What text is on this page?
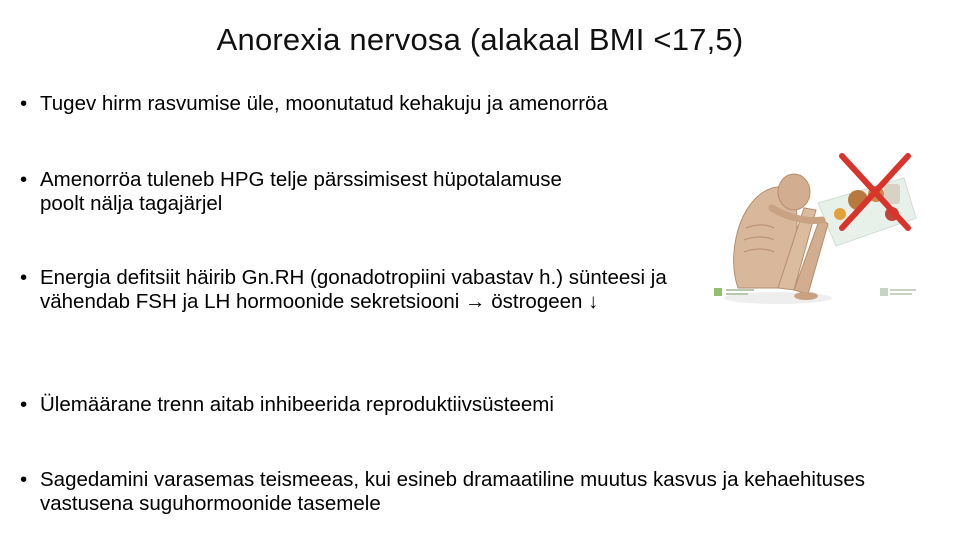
Anorexia nervosa (alakaal BMI <17,5)
• Tugev hirm rasvumise üle, moonutatud kehakuju ja amenorröa
• Amenorröa tuleneb HPG telje pärssimisest hüpotalamuse poolt nälja tagajärjel
• Energia defitsiit häirib Gn.RH (gonadotropiini vabastav h.) sünteesi ja vähendab FSH ja LH hormoonide sekretsiooni → östrogeen ↓
• Ülemäärane trenn aitab inhibeerida reproduktiivsüsteemi
• Sagedamini varasemas teismeeas, kui esineb dramaatiline muutus kasvus ja kehaehituses vastusena suguhormoonide tasemele
